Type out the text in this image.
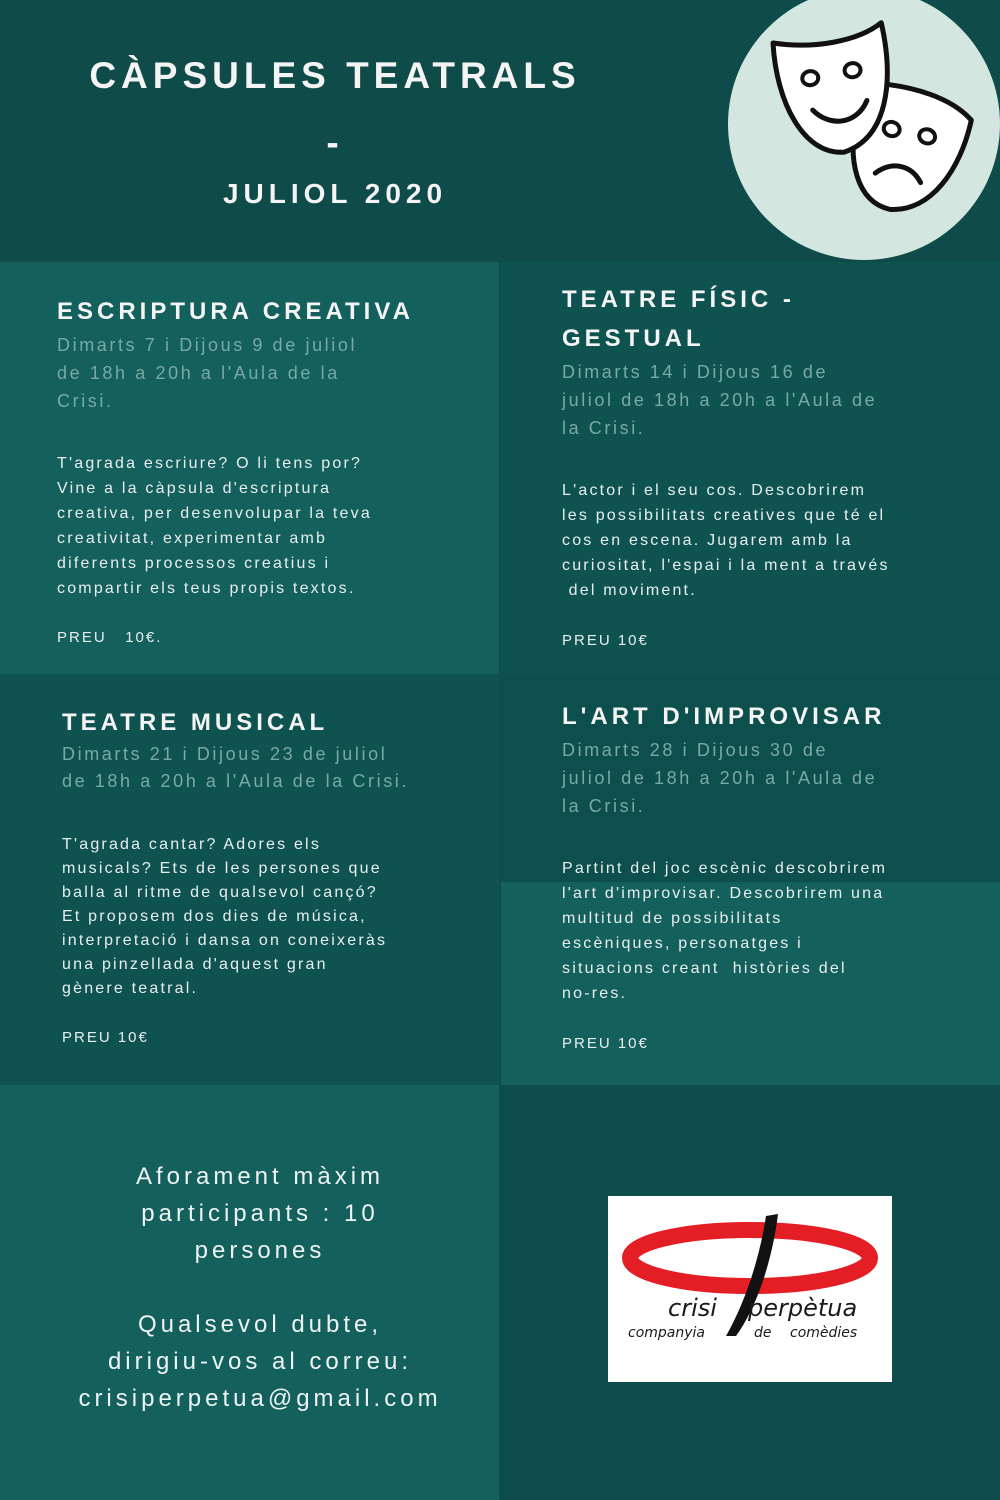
CÀPSULES TEATRALS
-
JULIOL 2020
ESCRIPTURA CREATIVA

Dimarts 7 i Dijous 9 de juliol

de 18h a 20h a l'Aula de la

Crisi.

T'agrada escriure? O li tens por?

Vine a la càpsula d'escriptura

creativa, per desenvolupar la teva

creativitat, experimentar amb

diferents processos creatius i

compartir els teus propis textos.

PREU   10€.

TEATRE FÍSIC -
GESTUAL

Dimarts 14 i Dijous 16 de

juliol de 18h a 20h a l'Aula de

la Crisi.

L'actor i el seu cos. Descobrirem

les possibilitats creatives que té el

cos en escena. Jugarem amb la

curiositat, l'espai i la ment a través

del moviment.

PREU 10€

TEATRE MUSICAL

Dimarts 21 i Dijous 23 de juliol

de 18h a 20h a l'Aula de la Crisi.

T'agrada cantar? Adores els

musicals? Ets de les persones que

balla al ritme de qualsevol cançó?

Et proposem dos dies de música,

interpretació i dansa on coneixeràs

una pinzellada d'aquest gran

gènere teatral.

PREU 10€

L'ART D'IMPROVISAR

Dimarts 28 i Dijous 30 de

juliol de 18h a 20h a l'Aula de

la Crisi.

Partint del joc escènic descobrirem

l'art d'improvisar. Descobrirem una

multitud de possibilitats

escèniques, personatges i

situacions creant  històries del

no-res.

PREU 10€

Aforament màxim
participants : 10
persones
Qualsevol dubte,
dirigiu-vos al correu:
crisiperpetua@gmail.com
crisi perpètua
companyia	de comèdies
